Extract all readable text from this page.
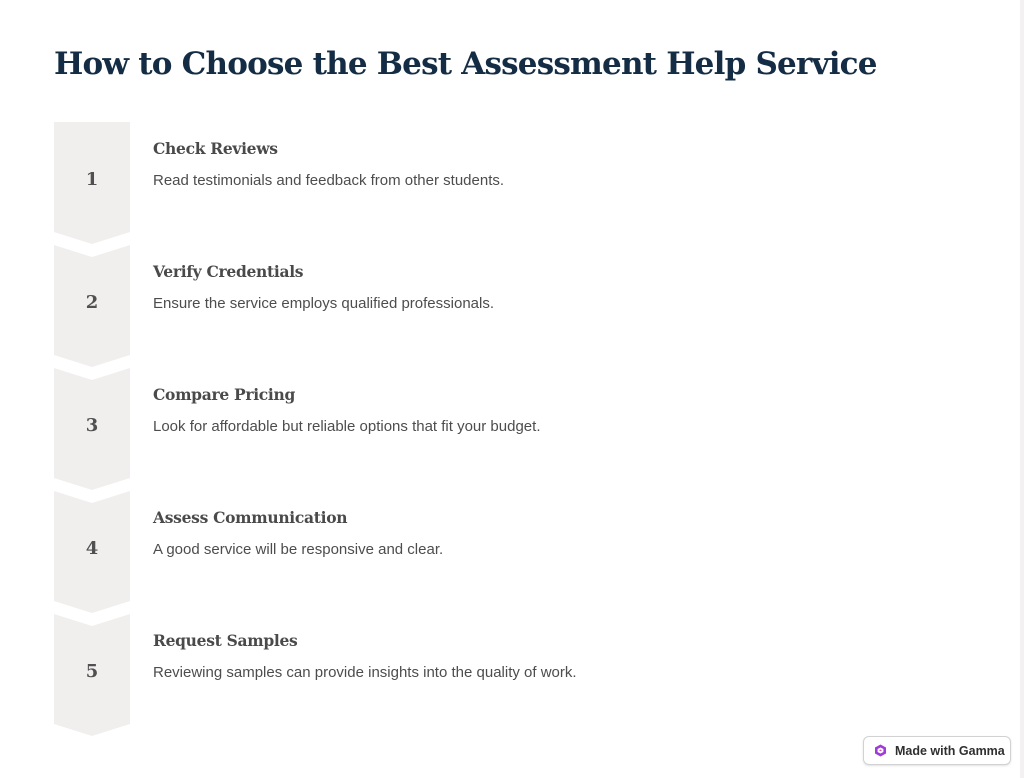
How to Choose the Best Assessment Help Service
1
Check Reviews
Read testimonials and feedback from other students.
2
Verify Credentials
Ensure the service employs qualified professionals.
3
Compare Pricing
Look for affordable but reliable options that fit your budget.
4
Assess Communication
A good service will be responsive and clear.
5
Request Samples
Reviewing samples can provide insights into the quality of work.
Made with Gamma
